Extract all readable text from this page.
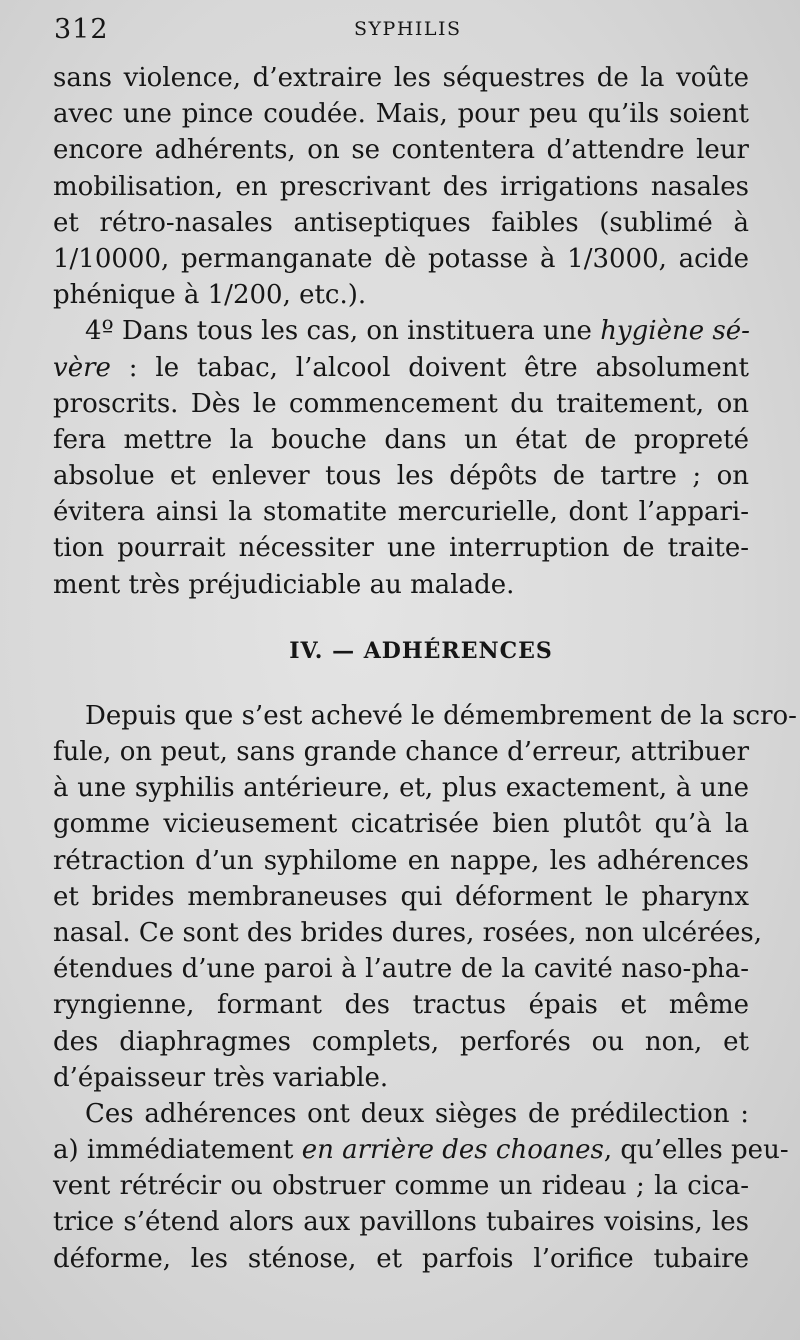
312	SYPHILIS
sans violence, d’extraire les séquestres de la voûte
avec une pince coudée. Mais, pour peu qu’ils soient
encore adhérents, on se contentera d’attendre leur
mobilisation, en prescrivant des irrigations nasales
et rétro-nasales antiseptiques faibles (sublimé à
1/10000, permanganate dè potasse à 1/3000, acide
phénique à 1/200, etc.).
4º Dans tous les cas, on instituera une hygiène sé-
vère : le tabac, l’alcool doivent être absolument
proscrits. Dès le commencement du traitement, on
fera mettre la bouche dans un état de propreté
absolue et enlever tous les dépôts de tartre ; on
évitera ainsi la stomatite mercurielle, dont l’appari-
tion pourrait nécessiter une interruption de traite-
ment très préjudiciable au malade.
IV. — ADHÉRENCES
Depuis que s’est achevé le démembrement de la scro-
fule, on peut, sans grande chance d’erreur, attribuer
à une syphilis antérieure, et, plus exactement, à une
gomme vicieusement cicatrisée bien plutôt qu’à la
rétraction d’un syphilome en nappe, les adhérences
et brides membraneuses qui déforment le pharynx
nasal. Ce sont des brides dures, rosées, non ulcérées,
étendues d’une paroi à l’autre de la cavité naso-pha-
ryngienne, formant des tractus épais et même
des diaphragmes complets, perforés ou non, et
d’épaisseur très variable.
Ces adhérences ont deux sièges de prédilection :
a) immédiatement en arrière des choanes, qu’elles peu-
vent rétrécir ou obstruer comme un rideau ; la cica-
trice s’étend alors aux pavillons tubaires voisins, les
déforme, les sténose, et parfois l’orifice tubaire
